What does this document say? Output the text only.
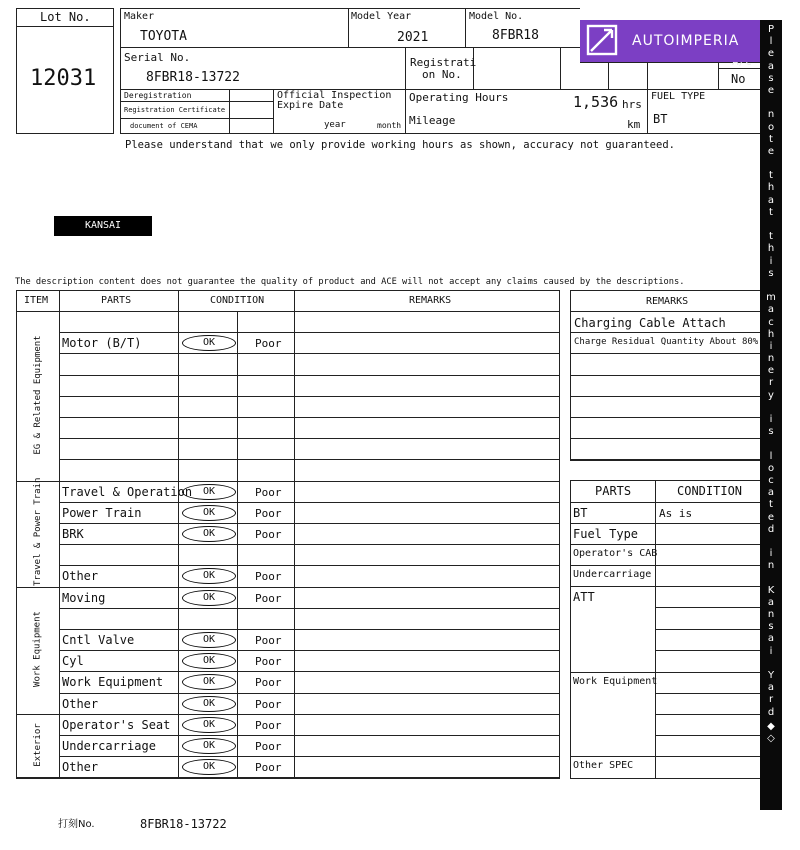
Lot No.
12031
Maker
TOYOTA
Model Year
2021
Model No.
8FBR18
Serial No.
8FBR18-13722
Registrati
on No.	No
Deregistration
Registration Certificate
document of CEMA
Official Inspection
Expire Date
year	month
Operating Hours	1,536 hrs
Mileage	km
FUEL TYPE
BT
Please understand that we only provide working hours as shown, accuracy not guaranteed.
AUTOIMPERIA
KANSAI
The description content does not guarantee the quality of product and ACE will not accept any claims caused by the descriptions.
ITEM	PARTS	CONDITION	REMARKS
Motor (B/T)	OK	Poor
EG & Related Equipment
Travel & Operation	OK	Poor
Power Train	OK	Poor
BRK	OK	Poor
Other	OK	Poor
Travel & Power Train
Moving	OK	Poor
Cntl Valve	OK	Poor
Cyl	OK	Poor
Work Equipment	OK	Poor
Other	OK	Poor
Work Equipment
Operator's Seat	OK	Poor
Undercarriage	OK	Poor
Other	OK	Poor
Exterior
REMARKS
Charging Cable Attach
Charge Residual Quantity About 80%
PARTS	CONDITION
BT	As is
Fuel Type
Operator's CAB
Undercarriage
ATT
Work Equipment
Other SPEC
打刻No.	8FBR18-13722
P
l
e
a
s
e

n
o
t
e

t
h
a
t

t
h
i
s

m
a
c
h
i
n
e
r
y

i
s

l
o
c
a
t
e
d

i
n

K
a
n
s
a
i

Y
a
r
d
◆
◇
